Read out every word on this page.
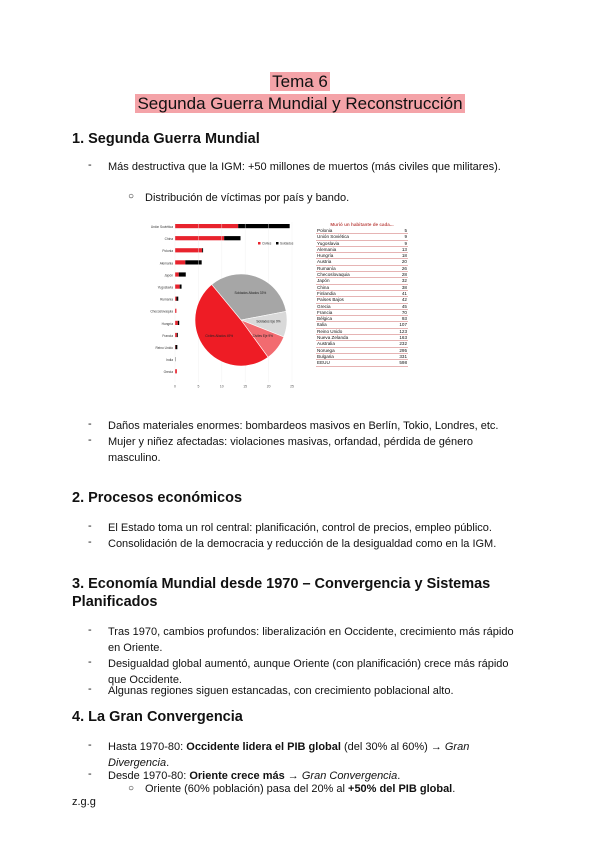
Tema 6
Segunda Guerra Mundial y Reconstrucción
1. Segunda Guerra Mundial
- Más destructiva que la IGM: +50 millones de muertos (más civiles que militares).
○ Distribución de víctimas por país y bando.
Unión Soviética
China
Polonia
Alemania
Japón
Yugoslavia
Rumanía
Checoslovaquia
Hungría
Francia
Reino Unido
India
Grecia
0	5	10	15	20	25
Civiles	Soldados
Soldados Aliados 33%
Soldados Eje 9%
Civiles Eje 9%
Civiles Aliados 49%
Murió un habitante de cada...
Polonia	5
Unión Soviética	9
Yugoslavia	9
Alemania	13
Hungría	18
Austria	20
Rumanía	26
Checoslovaquia	28
Japón	32
China	38
Finlandia	41
Países Bajos	42
Grecia	45
Francia	70
Bélgica	93
Italia	107
Reino Unido	123
Nueva Zelanda	163
Australia	232
Noruega	295
Bulgaria	331
EEUU	598
- Daños materiales enormes: bombardeos masivos en Berlín, Tokio, Londres, etc.
- Mujer y niñez afectadas: violaciones masivas, orfandad, pérdida de género masculino.
2. Procesos económicos
- El Estado toma un rol central: planificación, control de precios, empleo público.
- Consolidación de la democracia y reducción de la desigualdad como en la IGM.
3. Economía Mundial desde 1970 – Convergencia y Sistemas
Planificados
- Tras 1970, cambios profundos: liberalización en Occidente, crecimiento más rápido en Oriente.
- Desigualdad global aumentó, aunque Oriente (con planificación) crece más rápido que Occidente.
- Algunas regiones siguen estancadas, con crecimiento poblacional alto.
4. La Gran Convergencia
- Hasta 1970-80: Occidente lidera el PIB global (del 30% al 60%) → Gran Divergencia.
- Desde 1970-80: Oriente crece más → Gran Convergencia.
○ Oriente (60% población) pasa del 20% al +50% del PIB global.
z.g.g
